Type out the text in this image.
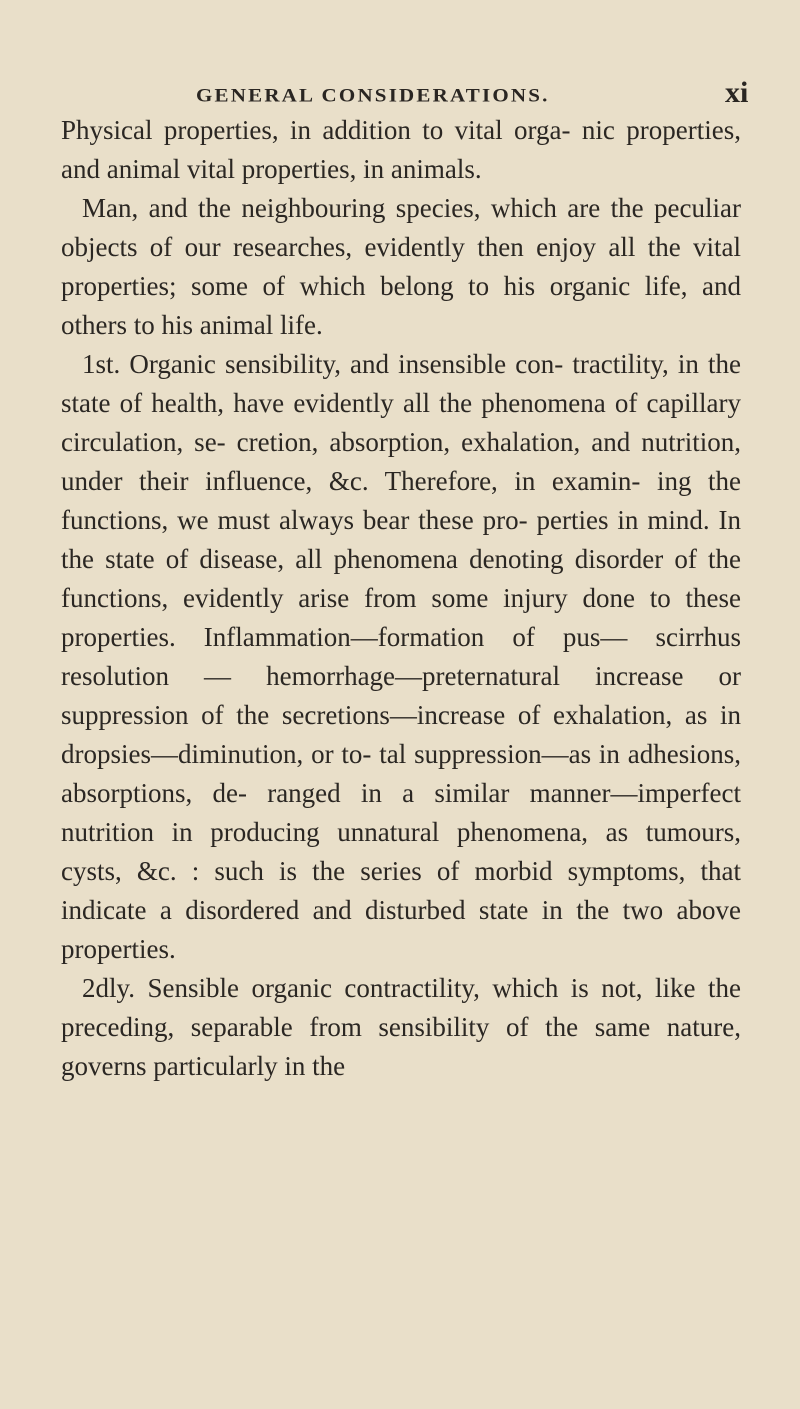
GENERAL CONSIDERATIONS.	xi

Physical properties, in addition to vital orga- nic properties, and animal vital properties, in animals.

Man, and the neighbouring species, which are the peculiar objects of our researches, evidently then enjoy all the vital properties; some of which belong to his organic life, and others to his animal life.

1st. Organic sensibility, and insensible con- tractility, in the state of health, have evidently all the phenomena of capillary circulation, se- cretion, absorption, exhalation, and nutrition, under their influence, &c. Therefore, in examin- ing the functions, we must always bear these pro- perties in mind. In the state of disease, all phenomena denoting disorder of the functions, evidently arise from some injury done to these properties. Inflammation—formation of pus— scirrhus resolution — hemorrhage—preternatural increase or suppression of the secretions—increase of exhalation, as in dropsies—diminution, or to- tal suppression—as in adhesions, absorptions, de- ranged in a similar manner—imperfect nutrition in producing unnatural phenomena, as tumours, cysts, &c. : such is the series of morbid symptoms, that indicate a disordered and disturbed state in the two above properties.

2dly. Sensible organic contractility, which is not, like the preceding, separable from sensibility of the same nature, governs particularly in the
